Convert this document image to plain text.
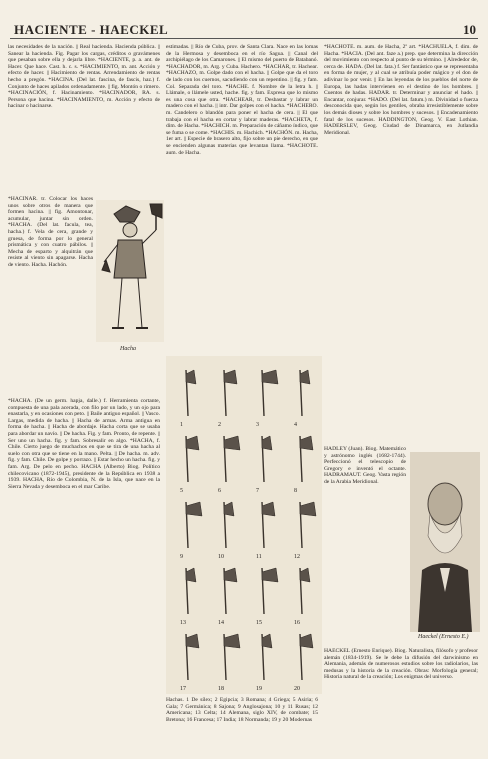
HACIENTE - HAECKEL	10

las necesidades de la nación. || Real hacienda. Hacienda pública. || Sanear la hacienda. Fig. Pagar los cargas, créditos o gravámenes que pesaban sobre ella y dejarla libre. *HACIENTE, p. a. ant. de Hacer. Que hace. Cast. h. c. s. *HACIMIENTO, m. ant. Acción y efecto de hacer. || Hacimiento de rentas. Arrendamiento de rentas hecho a pregón. *HACINA. (Del lat. fascina, de fascis, haz.) f. Conjunto de haces apilados ordenadamente. || fig. Montón o rimero. *HACINACIÓN, f. Hacinamiento. *HACINADOR, RA. s. Persona que hacina. *HACINAMIENTO, m. Acción y efecto de hacinar o hacinarse.

*HACINAR. tr. Colocar los haces unos sobre otros de manera que formen hacina. || fig. Amontonar, acumular, juntar sin orden. *HACHA. (Del lat. facula, tea, hacha.) f. Vela de cera, grande y gruesa, de forma por lo general prismática y con cuatro pábilos. || Mecha de esparto y alquitrán que resiste al viento sin apagarse. Hacha de viento. Hacha. Hachón.

Hacha

*HACHA. (De un germ. hapja, dalle.) f. Herramienta cortante, compuesta de una pala acerada, con filo por un lado, y un ojo para enastarla, y en ocasiones con peto. || Baile antiguo español. || Vasco. Largas, medida de hacha. || Hacha de armas. Arma antigua en forma de hacha. || Hacha de abordaje. Hacha corta que se usaba para abordar un navío. || De hacha. Fig. y fam. Pronto, de repente. || Ser uno un hacha. fig. y fam. Sobresalir en algo. *HACHA, f. Chile. Cierto juego de muchachos en que se tira de una hacha al suelo con otra que se tiene en la mano. Pelta. || De hacha. m. adv. fig. y fam. Chile. De golpe y porrazo. || Estar hecho un hacha. fig. y fam. Arg. De pelo en pecho. HACHA (Alberto) Biog. Político chilecovicano (1872-1945), presidente de la República en 1938 a 1939. HACHA, Río de Colombia, N. de la Isla, que nace en la Sierra Nevada y desemboca en el mar Caribe.

estimadas. || Río de Cuba, prov. de Santa Clara. Nace en las lomas de la Hermosa y desemboca en el río Sagua. || Canal del archipiélago de los Camarones. || El mismo del puerto de Batabanó. *HACHADOR, m. Arg. y Cuba. Hachero. *HACHAR, tr. Hachear. *HACHAZO, m. Golpe dado con el hacha. || Golpe que da el toro de lado con los cuernos, sacudiendo con un repentino. || fig. y fam. Col. Separada del toro. *HACHE. f. Nombre de la letra h. || Llámale, o llámele usted, hache. fig. y fam. Expresa que lo mismo es una cosa que otra. *HACHEAR, tr. Desbastar y labrar un madero con el hacha. || intr. Dar golpes con el hacha. *HACHERO. m. Candelero o blandón para poner el hacha de cera. || El que trabaja con el hacha en cortar y labrar maderas. *HACHETA, f. dim. de Hacha. *HACHICH. m. Preparación de cáñamo índico, que se fuma o se come. *HACHIS. m. Hachich. *HACHÓN. m. Hacha, 1er art. || Especie de brasero alto, fijo sobre un pie derecho, en que se encienden algunas materias que levantan llama. *HACHOTE. aum. de Hacha.

1	2	3	4
5	6	7	8
9	10	11	12
13	14	15	16
17	18	19	20
Hachas. 1 De sílex; 2 Egipcia; 3 Romana; 4 Griega; 5 Asiria; 6 Gala; 7 Germánica; 8 Sajona; 9 Anglosajona; 10 y 11 Rusas; 12 Americana; 13 Celta; 14 Alemana, siglo XIV, de combate; 15 Bretona; 16 Francesa; 17 India; 18 Normanda; 19 y 20 Modernas

*HACHOTE. m. aum. de Hacha, 2º art. *HACHUELA, f. dim. de Hacha. *HACIA. (Del ant. faze a.) prep. que determina la dirección del movimiento con respecto al punto de su término. || Alrededor de, cerca de. HADA. (Del lat. fata.) f. Ser fantástico que se representaba en forma de mujer, y al cual se atribuía poder mágico y el don de adivinar lo por venir. || En las leyendas de los pueblos del norte de Europa, las hadas intervienen en el destino de los hombres. || Cuentos de hadas. HADAR. tr. Determinar y anunciar el hado. || Encantar, conjurar. *HADO. (Del lat. fatum.) m. Divinidad o fuerza desconocida que, según los gentiles, obraba irresistiblemente sobre los demás dioses y sobre los hombres y sucesos. || Encadenamiento fatal de los sucesos. HADDINGTON, Geog. V. East Lothian. HADERSLEV, Geog. Ciudad de Dinamarca, en Jutlandia Meridional.

HADLEY (Juan). Biog. Matemático y astrónomo inglés (1682-1744). Perfeccionó el telescopio de Gregory e inventó el octante. HADRAMAUT. Geog. Vasta región de la Arabia Meridional.

Haeckel (Ernesto E.)

HAECKEL (Ernesto Enrique). Biog. Naturalista, filósofo y profesor alemán (1834-1919). Se le debe la difusión del darwinismo en Alemania, además de numerosos estudios sobre los radiolarios, las medusas y la historia de la creación. Obras: Morfología general; Historia natural de la creación; Los enigmas del universo.
